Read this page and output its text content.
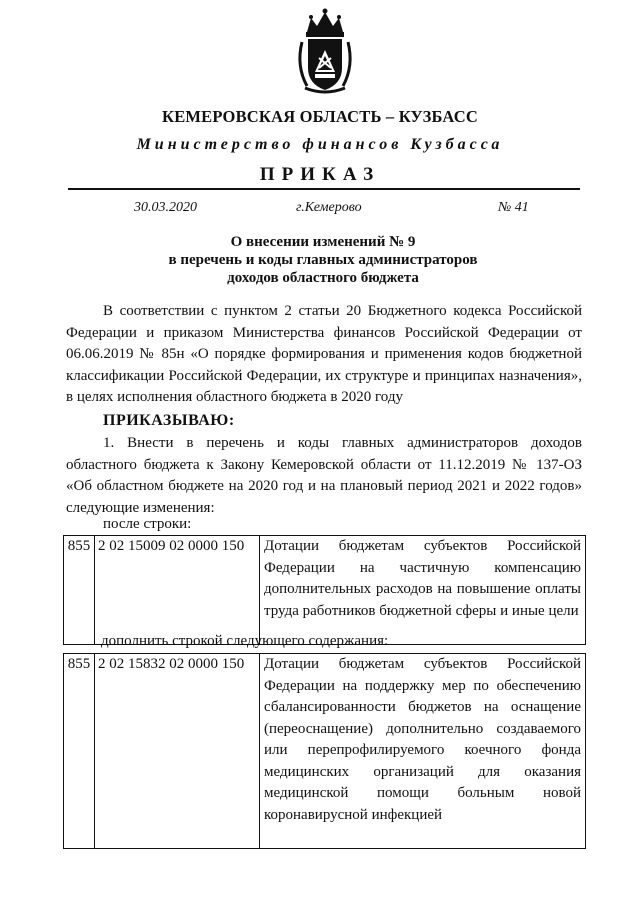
КЕМЕРОВСКАЯ ОБЛАСТЬ – КУЗБАСС
Министерство финансов Кузбасса
ПРИКАЗ
30.03.2020	г.Кемерово	№ 41
О внесении изменений № 9
в перечень и коды главных администраторов
доходов областного бюджета
В соответствии с пунктом 2 статьи 20 Бюджетного кодекса Российской
Федерации и приказом Министерства финансов Российской Федерации от
06.06.2019 № 85н «О порядке формирования и применения кодов бюджетной
классификации Российской Федерации, их структуре и принципах назначения»,
в целях исполнения областного бюджета в 2020 году
ПРИКАЗЫВАЮ:
1. Внести в перечень и коды главных администраторов доходов
областного бюджета к Закону Кемеровской области от 11.12.2019 № 137-ОЗ
«Об областном бюджете на 2020 год и на плановый период 2021 и 2022 годов»
следующие изменения:
после строки:
855	2 02 15009 02 0000 150	Дотации бюджетам субъектов Российской
Федерации на частичную компенсацию
дополнительных расходов на повышение оплаты
труда работников бюджетной сферы и иные цели
дополнить строкой следующего содержания:
855	2 02 15832 02 0000 150	Дотации бюджетам субъектов Российской
Федерации на поддержку мер по обеспечению
сбалансированности бюджетов на оснащение
(переоснащение) дополнительно создаваемого
или перепрофилируемого коечного фонда
медицинских организаций для оказания
медицинской помощи больным новой
коронавирусной инфекцией
